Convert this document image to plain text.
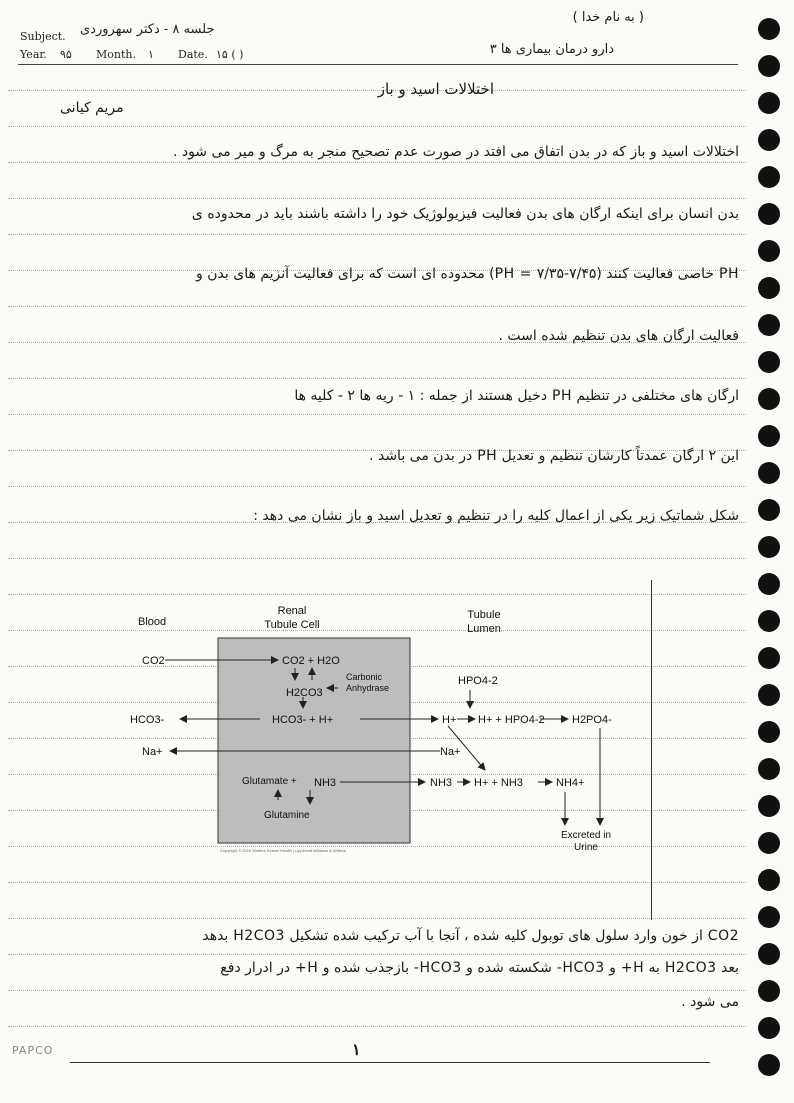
Subject. جلسه ۸ - دکتر سهروردی
Year. ۹۵ Month. ۱ Date. ۱۵ ( )
( به نام خدا )
دارو درمان بیماری ها ۳
اختلالات اسید و باز
مریم کیانی
اختلالات اسید و باز که در بدن اتفاق می افتد در صورت عدم تصحیح منجر به مرگ و میر می شود .
بدن انسان برای اینکه ارگان های بدن فعالیت فیزیولوژیک خود را داشته باشند باید در محدوده ی
PH خاصی فعالیت کنند (PH = ۷/۳۵-۷/۴۵) محدوده ای است که برای فعالیت آنزیم های بدن و
فعالیت ارگان های بدن تنظیم شده است .
ارگان های مختلفی در تنظیم PH دخیل هستند از جمله : ۱ - ریه ها ۲ - کلیه ها
این ۲ ارگان عمدتاً کارشان تنظیم و تعدیل PH در بدن می باشد .
شکل شماتیک زیر یکی از اعمال کلیه را در تنظیم و تعدیل اسید و باز نشان می دهد :
Blood
Renal
Tubule Cell
Tubule
Lumen
CO2	CO2 + H2O
Carbonic
Anhydrase
H2CO3
HPO4-2
HCO3-	HCO3- + H+	H+ H+ + HPO4-2 H2PO4-
Na+	Na+
Glutamate + NH3
Glutamine
NH3 H+ + NH3	NH4+
Excreted in
Urine
Copyright © 2010 Wolters Kluwer Health | Lippincott Williams & Wilkins
CO2 از خون وارد سلول های توبول کلیه شده ، آنجا با آب ترکیب شده تشکیل H2CO3 بدهد
بعد H2CO3 به H+ و HCO3- شکسته شده و HCO3- بازجذب شده و H+ در ادرار دفع
می شود .
PAPCO	۱
